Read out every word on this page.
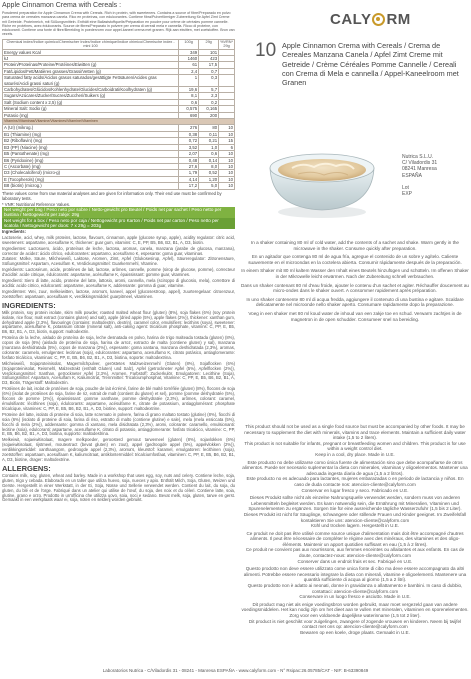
Apple Cinnamon Crema with Cereals :
Powdered preparation for Apple Cinnamon Crema with Cereals. Rich in protein, with sweeteners. Contains a source of fibre/Preparado en polvo para crema de cereales manzana canela. Rico en proteínas, con edulcorantes. Contiene fibra/Pulverförmiger Zubereitung für Apfel Zimt Creme mit Getreide. Proteinreich, mit Süßungsmitteln. Enthält eine Ballaststoffquelle/Préparation en poudre pour crème de céréales pomme cannelle. Riche en protéines, avec édulcorants. Source de fibres/Preparato in polvere per crema di cereali mela e cannella. Ricco di proteine, con edulcoranti. Contiene una fonte di fibre/Bereiding in poedervorm voor appel-kaneel crema met granen. Rijk aan eiwitten, met zoetstoffen. Bron van vezels.
Chemical index/Índice químico/Chemischer Index/Indice chimique/Indice chimico/Chemische index - mini 100	100g	29g	%VRN* 29g
Energy values Kcal	349	101	
kJ	1460	423	
Protein/Proteínas/Proteine/Protéines/Eiwitten (g)	61	17,5	
Fat/Lipidos/Fett/Matières grasses/Grassi/Vetten (g)	2,4	0,7	
Saturated fatty acids/Ácidos grasos saturados/gesättigte Fettsäuren/Acides gras saturés/Acidi grassi saturi (g)	1	0,3	
Carbohydrates/Glúcidos/Kohlenhydrate/Glucides/Carboidrati/Koolhydraten (g)	19,6	5,7	
Sugars/Azúcares/Zucker/Sucres/Zuccheri/Suikers (g)	8,1	2,3	
Salt (Sodium content x 2,5) (g)	0,6	0,2	
Mineral Salt: Sodio (g)	0,575	0,165	
Potasio (mg)	690	200	
Vitamins/Vitaminas/Vitamine/Vitamines/Vitamine/Vitaminen			
A (UI) (mikrog.)	276	80	10
B1 (Thiamine) (mg)	0,38	0,11	10
B2 (Riboflavin) (mg)	0,72	0,21	15
B3 (PP) (Niacine) (mg)	3,52	1,0	6
B5 (Pantothenate) (mg)	2,07	0,6	10
B6 (Pyridoxine) (mg)	0,48	0,14	10
C (Ascorbate) (mg)	27,6	8,0	10
D3 (Cholecalciferol) (micro-g)	1,79	0,52	10
E (Tocopherols) (mg)	4,14	1,20	10
B8 (biotin) (microg.)	17,2	5,0	10
These values come from raw material analyses and are given for information only. Their end use must be confirmed by laboratory tests.
* VNR: Nutritional Reference Values.
Net weight per bag / Peso neto por sobre / Netto-gewicht pro Beutel / Poids net par sachet / Peso netto per bustina / Nettogewicht per zakje: 29g
Net weight for a box / Peso neto por caja / Nettogewicht pro Karton / Poids net par carton / Peso netto per scatola / Nettogewicht per doos: 7 x 29g = 203g
Ingredients:
Lactoserie, acid, whey, milk proteins, lactose, flavours, cinnamon, apple (glucose syrup, apple), acidity regulator: citric acid, sweeteners: aspartame, acesulfame K, thickener: guar gum, vitamins: C, E, PP, B5, B6, B2, B1, A, D3, biotin.
Ingredientes: Lactosuero, ácido, proteínas de leche, lactosa, aromas, canela, manzana (jarabe de glucosa, manzana), corrector de acidez: ácido cítrico, edulcorantes: aspartamo, acesulfamo K, espesante: goma guar, vitaminas.
Zutaten: Molke, Säure, Milcheiweiß, Laktose, Aromen, Zimt, Apfel (Glukosesirup, Apfel), Säureregulator: Zitronensäure, Süßungsmittel: Aspartam, Acesulfam K, Verdickungsmittel: Guarkernmehl, Vitamine.
Ingrédients: Lactosérum, acide, protéines de lait, lactose, arômes, cannelle, pomme (sirop de glucose, pomme), correcteur d'acidité: acide citrique, édulcorants: aspartame, acésulfame K, épaississant: gomme guar, vitamines.
Ingredienti: Siero di latte, acido, proteine del latte, lattosio, aromi, cannella, mela (sciroppo di glucosio, mela), correttore di acidità: acido citrico, edulcoranti: aspartame, acesulfame K, addensante: gomma di guar, vitamine.
Ingrediënten: Wei, zuur, melkeiwitten, lactose, aroma's, kaneel, appel (glucosestroop, appel), zuurteregelaar: citroenzuur, zoetstoffen: aspartaam, acesulfaam K, verdikkingsmiddel: guarpitmeel, vitaminen.
INGREDIENTS:
Milk protein, soy protein isolate, skim milk powder, roasted malted wheat flour (gluten) (8%), soja flakes (6%) (soy protein isolate, rice flour, malt extract (contains gluten) and salt), apple (dried apple (5%), apple flakes (2%)), thickener: xanthan gum, dehydrated apple (2,3%), flavourings (contains: maltodextrin, dextrin), caramel color, emulsifiers: lecithins (soya), sweetener: aspartame, acesulfame K, potassium citrate (mineral salt), anti-caking agent: tricalcium phosphate, vitamins: C, PP, E, B5, B6, B2, B1, A, D3, biotin, support: maltodextrin.
Proteína de la leche, aislado de proteína de soja, leche desnatada en polvo, harina de trigo malteada tostada (gluten) (8%), copos de soja (6%) (aislado de proteína de soja, harina de arroz, extracto de malta (contiene gluten) y sal), manzana (manzana deshidratada (5%), copos de manzana (2%)), espesante: goma xantana, manzana deshidratada (2,3%), aromas, colorante: caramelo, emulgentes: lecitinas (soja), edulcorantes: aspartamo, acesulfamo K, citrato potásico, antiaglomerante: fosfato tricálcico, vitaminas: C, PP, E, B5, B6, B2, B1, A, D3, biotina, soporte: maltodextrina.
Milcheiweiß, Sojaproteinisolat, Magermilchpulver, geröstetes Malzweizenmehl (Gluten) (8%), Sojaflocken (6%) (Sojaproteinisolat, Reismehl, Malzextrakt (enthält Gluten) und Salz), Apfel (getrockneter Apfel (5%), Apfelflocken (2%)), Verdickungsmittel: Xanthan, getrockneter Apfel (2,3%), Aromen, Farbstoff: Zuckerkulör, Emulgatoren: Lecithine (Soja), Süßungsmittel: Aspartam, Acesulfam K, Kaliumcitrat, Trennmittel: Tricalciumphosphat, Vitamine: C, PP, E, B5, B6, B2, B1, A, D3, Biotin, Trägerstoff: Maltodextrin.
Protéines de lait, isolat de protéines de soja, poudre de lait écrémé, farine de blé malté torréfiée (gluten) (8%), flocons de soja (6%) (isolat de protéines de soja, farine de riz, extrait de malt (contient du gluten) et sel), pomme (pomme déshydratée (5%), flocons de pomme (2%)), épaississant: gomme xanthane, pomme déshydratée (2,3%), arômes, colorant: caramel, émulsifiants: lécithines (soja), édulcorants: aspartame, acésulfame K, citrate de potassium, antiagglomérant: phosphate tricalcique, vitamines: C, PP, E, B5, B6, B2, B1, A, D3, biotine, support: maltodextrine.
Proteine del latte, isolato di proteine di soia, latte scremato in polvere, farina di grano maltato tostato (glutine) (8%), fiocchi di soia (6%) (isolato di proteine di soia, farina di riso, estratto di malto (contiene glutine) e sale), mela (mela essiccata (5%), fiocchi di mela (2%)), addensante: gomma di xantano, mela disidratata (2,3%), aromi, colorante: caramello, emulsionanti: lecitine (soia), edulcoranti: aspartame, acesulfame K, citrato di potassio, antiagglomerante: fosfato tricalcico, vitamine: C, PP, E, B5, B6, B2, B1, A, D3, biotina, supporto: maltodestrina.
Melkeiwit, sojaeiwitisolaat, magere melkpoeder, geroosterd gemout tarwemeel (gluten) (8%), sojavlokken (6%) (sojaeiwitisolaat, rijstmeel, moutextract (bevat gluten) en zout), appel (gedroogde appel (5%), appelvlokken (2%)), verdikkingsmiddel: xanthaangom, gedroogde appel (2,3%), aroma's, kleurstof: karamel, emulgatoren: lecithinen (soja), zoetstoffen: aspartaam, acesulfaam K, kaliumcitraat, antiklontermiddel: tricalciumfosfaat, vitaminen: C, PP, E, B5, B6, B2, B1, A, D3, biotine, drager: maltodextrine.
ALLERGENS:
Contains milk, soy, gluten, wheat and barley. Made in a workshop that uses egg, soy, nuts and celery. Contiene leche, soja, gluten, trigo y cebada. Elaborado en un taller que utiliza huevo, soja, nueces y apio. Enthält Milch, Soja, Gluten, Weizen und Gerste. Hergestellt in einer Werkstatt, in der Ei, Soja, Nüsse und Sellerie verwendet werden. Contient du lait, du soja, du gluten, du blé et de l'orge. Fabriqué dans un atelier qui utilise de l'œuf, du soja, des noix et du céleri. Contiene latte, soia, glutine, grano e orzo. Prodotto in un'officina che utilizza uovo, soia, noci e sedano. Bevat melk, soja, gluten, tarwe en gerst. Gemaakt in een werkplaats waar ei, soja, noten en selderij worden gebruikt.
CALY RM
10 Apple Cinnamon Crema with Cereals / Crema de Cereales Manzana Canela / Apfel Zimt Creme mit Getreide / Crème Céréales Pomme Cannelle / Cereali con Crema di Mela e cannella / Appel-Kaneelroom met Granen
Nutrica S.L.U.
C/ Viladordis 31
08241 Manresa
ESPAÑA
Lot
EXP
In a shaker containing 80 ml of cold water, add the contents of a sachet and shake. Warm gently in the microwave in the shaker. Consume quickly after preparation.
En un agitador que contenga 80 ml de agua fría, agregue el contenido de un sobre y agítelo. Caliente suavemente en el microondas en la coctelera abierta. Consumir rápidamente después de la preparación.
In einem Shaker mit 80 ml kaltem Wasser den Inhalt eines Beutels hinzufügen und schütteln. Im offenen Shaker in der Mikrowelle leicht erwärmen. Nach der Zubereitung schnell verbrauchen.
Dans un shaker contenant 80 ml d'eau froide, ajouter le contenu d'un sachet et agiter. Réchauffer doucement au micro-ondes dans le shaker ouvert. A consommer rapidement après préparation.
In uno shaker contenente 80 ml di acqua fredda, aggiungere il contenuto di una bustina e agitare. Scaldare delicatamente nel microonde nello shaker aperto. Consumare rapidamente dopo la preparazione.
Voeg in een shaker met 80 ml koud water de inhoud van een zakje toe en schud. Verwarm zachtjes in de magnetron in de open schudder. Consumeer snel na bereiding.
This product should not be used as a single food source but must be accompanied by other foods. It may be necessary to supplement the diet with minerals, vitamins and trace elements. Maintain a sufficient daily water intake (1,5 to 2 liters).
This product is not suitable for infants, pregnant or breastfeeding women and children. This product is for use within a weight control diet.
Keep in a cool, dry place. Made in U.E.
Este producto no debe utilizarse como única fuente de alimentación sino que debe acompañarse de otros alimentos. Puede ser necesario suplementar la dieta con minerales, vitaminas y oligoelementos. Mantener una adecuada ingesta diaria de agua (1,5 a 2 litros).
Este producto no es adecuado para lactantes, mujeres embarazadas o en periodo de lactancia y niños. En caso de duda contacte nos: atencion-cliente@calyform.com
Conservar en lugar fresco y seco. Fabricado en U.E.
Dieses Produkt sollte nicht als einzelne Nahrungsquelle verwendet werden, sondern muss von anderen Lebensmitteln begleitet werden. Es kann notwendig sein, die Ernährung mit Mineralien, Vitaminen und Spurenelementen zu ergänzen. Sorgen Sie für eine ausreichende tägliche Wasserzufuhr (1,5 bis 2 Liter).
Dieses Produkt ist nicht für Säuglinge, schwangere oder stillende Frauen und Kinder geeignet. Im Zweifelsfall kontaktieren Sie uns: atencion-cliente@calyform.com
Kühl und trocken lagern. Hergestellt in U.E.
Ce produit ne doit pas être utilisé comme source unique d'alimentation mais doit être accompagné d'autres aliments. Il peut être nécessaire de compléter le régime avec des minéraux, des vitamines et des oligo-éléments. Maintenir un apport quotidien suffisant en eau (1,5 à 2 litres).
Ce produit ne convient pas aux nourrissons, aux femmes enceintes ou allaitantes et aux enfants. En cas de doute, contactez-nous: atencion-cliente@calyform.com
Conserver dans un endroit frais et sec. Fabriqué en U.E.
Questo prodotto non deve essere utilizzato come unica fonte di cibo ma deve essere accompagnato da altri alimenti. Potrebbe essere necessario integrare la dieta con minerali, vitamine e oligoelementi. Mantenere una quantità sufficiente di acqua al giorno (1,5 a 2 litri).
Questo prodotto non è adatto ai neonati, donne in gravidanza o allattamento e bambini. In caso di dubbio, contattaci: atencion-cliente@calyform.com
Conservare in un luogo fresco e asciutto. Made in U.E.
Dit product mag niet als enige voedingsbron worden gebruikt, maar moet vergezeld gaan van andere voedingsmiddelen. Het kan nodig zijn om het dieet aan te vullen met mineralen, vitaminen en sporenelementen. Zorg voor een voldoende dagelijkse waterinname (1,5 tot 2 liter).
Dit product is niet geschikt voor zuigelingen, zwangere of zogende vrouwen en kinderen. Neem bij twijfel contact met ons op: atencion-cliente@calyform.com
Bewaren op een koele, droge plaats. Gemaakt in U.E.
Laboratorios Nutrica - C/Viladordis 31 - 08241 - Manresa ESPAÑA - www.calyform.com - N° Rsipac:26.05785/CAT - NIF: B-63390849
